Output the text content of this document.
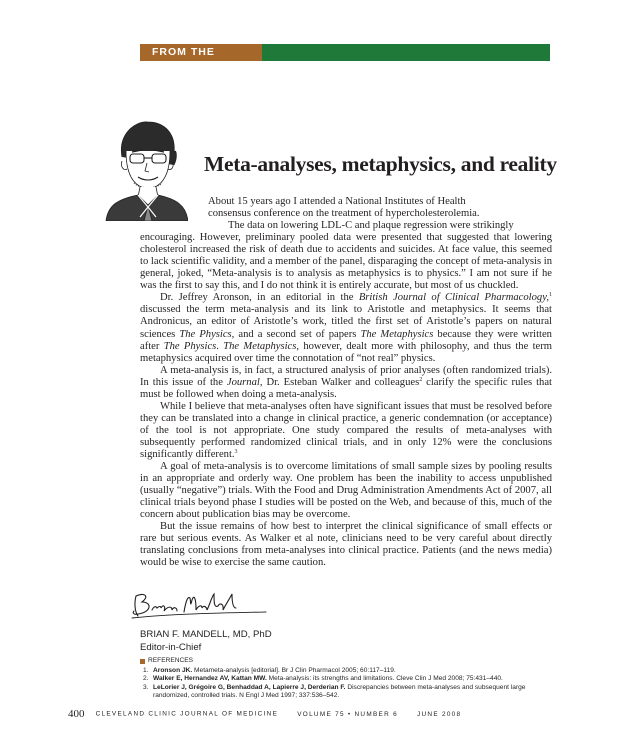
FROM THE EDITOR
Meta-analyses, metaphysics, and reality

About 15 years ago I attended a National Institutes of Health
consensus conference on the treatment of hypercholesterolemia.
The data on lowering LDL-C and plaque regression were strikingly
encouraging. However, preliminary pooled data were presented that suggested that lowering cholesterol increased the risk of death due to accidents and suicides. At face value, this seemed to lack scientific validity, and a member of the panel, disparaging the concept of meta-analysis in general, joked, “Meta-analysis is to analysis as metaphysics is to physics.” I am not sure if he was the first to say this, and I do not think it is entirely accurate, but most of us chuckled.

Dr. Jeffrey Aronson, in an editorial in the British Journal of Clinical Pharmacology,$^1$ discussed the term meta-analysis and its link to Aristotle and metaphysics. It seems that Andronicus, an editor of Aristotle’s work, titled the first set of Aristotle’s papers on natural sciences The Physics, and a second set of papers The Metaphysics because they were written after The Physics. The Metaphysics, however, dealt more with philosophy, and thus the term metaphysics acquired over time the connotation of “not real” physics.

A meta-analysis is, in fact, a structured analysis of prior analyses (often randomized trials). In this issue of the Journal, Dr. Esteban Walker and colleagues$^2$ clarify the specific rules that must be followed when doing a meta-analysis.

While I believe that meta-analyses often have significant issues that must be resolved before they can be translated into a change in clinical practice, a generic condemnation (or acceptance) of the tool is not appropriate. One study compared the results of meta-analyses with subsequently performed randomized clinical trials, and in only 12% were the conclusions significantly different.$^3$

A goal of meta-analysis is to overcome limitations of small sample sizes by pooling results in an appropriate and orderly way. One problem has been the inability to access unpublished (usually “negative”) trials. With the Food and Drug Administration Amendments Act of 2007, all clinical trials beyond phase I studies will be posted on the Web, and because of this, much of the concern about publication bias may be overcome.

But the issue remains of how best to interpret the clinical significance of small effects or rare but serious events. As Walker et al note, clinicians need to be very careful about directly translating conclusions from meta-analyses into clinical practice. Patients (and the news media) would be wise to exercise the same caution.

BRIAN F. MANDELL, MD, PhD
Editor-in-Chief
REFERENCES
1. Aronson JK. Metameta-analysis [editorial]. Br J Clin Pharmacol 2005; 60:117–119.
2. Walker E, Hernandez AV, Kattan MW. Meta-analysis: its strengths and limitations. Cleve Clin J Med 2008; 75:431–440.
3. LeLorier J, Grégoire G, Benhaddad A, Lapierre J, Derderian F. Discrepancies between meta-analyses and subsequent large randomized, controlled trials. N Engl J Med 1997; 337:536–542.
400 CLEVELAND CLINIC JOURNAL OF MEDICINE	VOLUME 75 • NUMBER 6	JUNE 2008
